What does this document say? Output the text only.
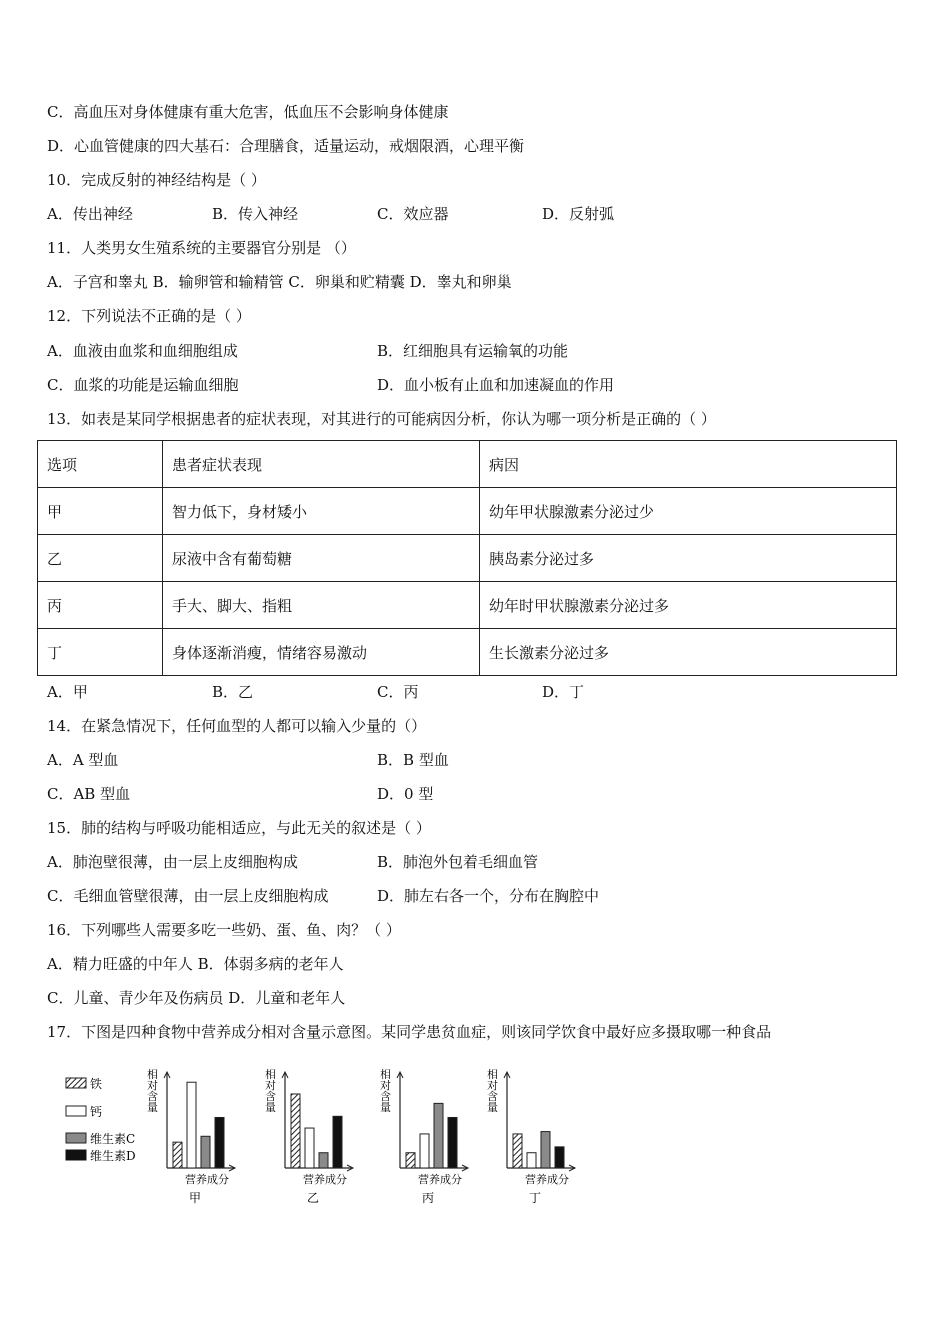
C．高血压对身体健康有重大危害，低血压不会影响身体健康
D．心血管健康的四大基石：合理膳食，适量运动，戒烟限酒，心理平衡
10．完成反射的神经结构是（ ）
A．传出神经	B．传入神经	C．效应器	D．反射弧
11．人类男女生殖系统的主要器官分别是 （）
A．子宫和睾丸 B．输卵管和输精管 C．卵巢和贮精囊 D．睾丸和卵巢
12．下列说法不正确的是（ ）
A．血液由血浆和血细胞组成	B．红细胞具有运输氧的功能
C．血浆的功能是运输血细胞	D．血小板有止血和加速凝血的作用
13．如表是某同学根据患者的症状表现，对其进行的可能病因分析，你认为哪一项分析是正确的（ ）
选项	患者症状表现	病因
甲	智力低下，身材矮小	幼年甲状腺激素分泌过少
乙	尿液中含有葡萄糖	胰岛素分泌过多
丙	手大、脚大、指粗	幼年时甲状腺激素分泌过多
丁	身体逐渐消瘦，情绪容易激动	生长激素分泌过多
A．甲	B．乙	C．丙	D．丁
14．在紧急情况下，任何血型的人都可以输入少量的（）
A．A 型血	B．B 型血
C．AB 型血	D．0 型
15．肺的结构与呼吸功能相适应，与此无关的叙述是（ ）
A．肺泡壁很薄，由一层上皮细胞构成	B．肺泡外包着毛细血管
C．毛细血管壁很薄，由一层上皮细胞构成	D．肺左右各一个，分布在胸腔中
16．下列哪些人需要多吃一些奶、蛋、鱼、肉？（ ）
A．精力旺盛的中年人 B．体弱多病的老年人
C．儿童、青少年及伤病员 D．儿童和老年人
17．下图是四种食物中营养成分相对含量示意图。某同学患贫血症，则该同学饮食中最好应多摄取哪一种食品
铁
钙
维生素C
维生素D
相对含量
营养成分
甲
相对含量
营养成分
乙
相对含量
营养成分
丙
相对含量
营养成分
丁
